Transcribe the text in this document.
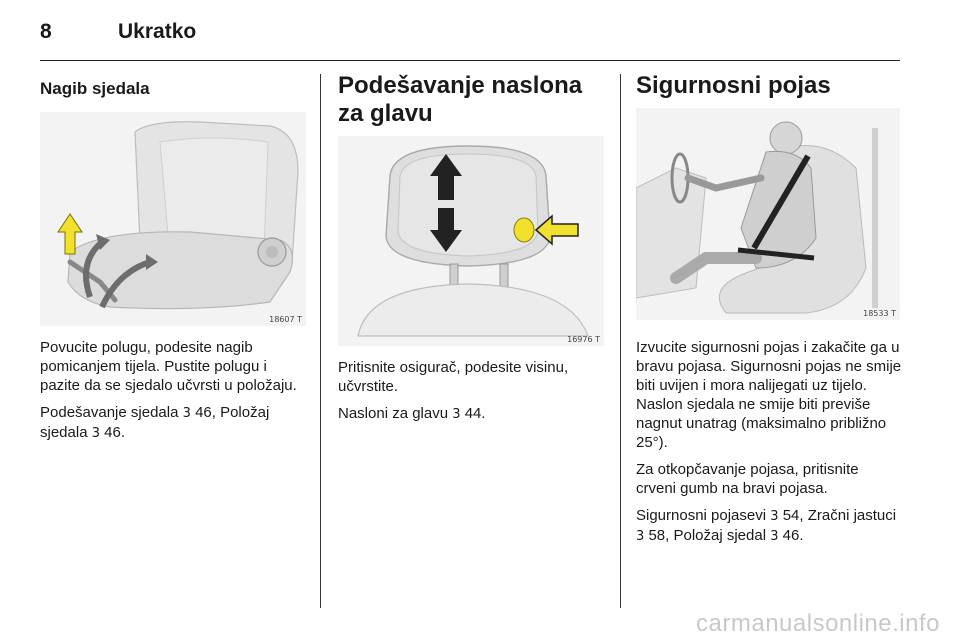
8	Ukratko
Nagib sjedala
18607 T

Povucite polugu, podesite nagib pomicanjem tijela. Pustite polugu i pazite da se sjedalo učvrsti u položaju.

Podešavanje sjedala 3 46, Položaj sjedala 3 46.

Podešavanje naslona za glavu
16976 T

Pritisnite osigurač, podesite visinu, učvrstite.

Nasloni za glavu 3 44.

Sigurnosni pojas
18533 T

Izvucite sigurnosni pojas i zakačite ga u bravu pojasa. Sigurnosni pojas ne smije biti uvijen i mora nalijegati uz tijelo. Naslon sjedala ne smije biti previše nagnut unatrag (maksimalno približno 25°).

Za otkopčavanje pojasa, pritisnite crveni gumb na bravi pojasa.

Sigurnosni pojasevi 3 54, Zračni jastuci 3 58, Položaj sjedal 3 46.

carmanualsonline.info
